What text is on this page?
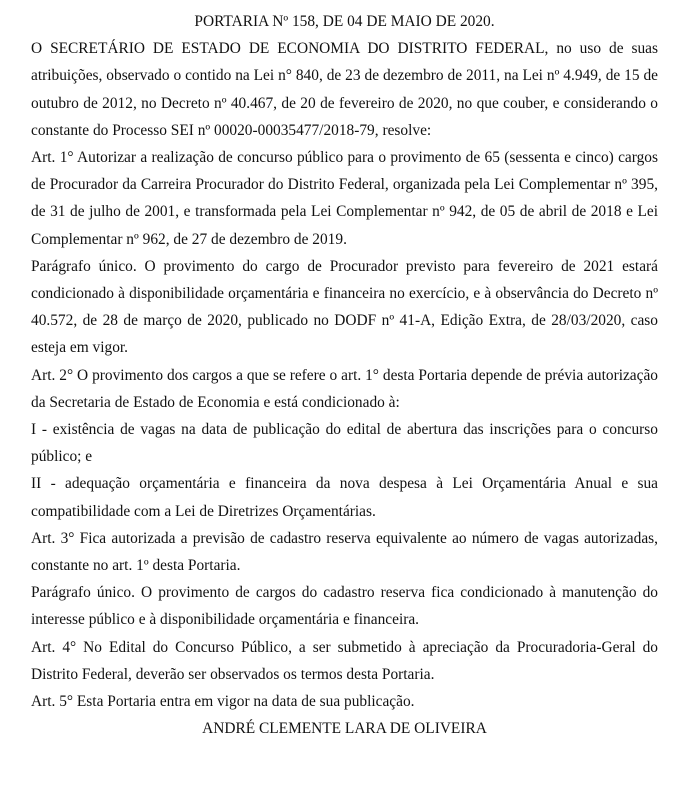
PORTARIA Nº 158, DE 04 DE MAIO DE 2020.

O SECRETÁRIO DE ESTADO DE ECONOMIA DO DISTRITO FEDERAL, no uso de suas atribuições, observado o contido na Lei n° 840, de 23 de dezembro de 2011, na Lei nº 4.949, de 15 de outubro de 2012, no Decreto nº 40.467, de 20 de fevereiro de 2020, no que couber, e considerando o constante do Processo SEI nº 00020-00035477/2018-79, resolve:

Art. 1° Autorizar a realização de concurso público para o provimento de 65 (sessenta e cinco) cargos de Procurador da Carreira Procurador do Distrito Federal, organizada pela Lei Complementar nº 395, de 31 de julho de 2001, e transformada pela Lei Complementar nº 942, de 05 de abril de 2018 e Lei Complementar nº 962, de 27 de dezembro de 2019.

Parágrafo único. O provimento do cargo de Procurador previsto para fevereiro de 2021 estará condicionado à disponibilidade orçamentária e financeira no exercício, e à observância do Decreto nº 40.572, de 28 de março de 2020, publicado no DODF nº 41-A, Edição Extra, de 28/03/2020, caso esteja em vigor.

Art. 2° O provimento dos cargos a que se refere o art. 1° desta Portaria depende de prévia autorização da Secretaria de Estado de Economia e está condicionado à:

I - existência de vagas na data de publicação do edital de abertura das inscrições para o concurso público; e

II - adequação orçamentária e financeira da nova despesa à Lei Orçamentária Anual e sua compatibilidade com a Lei de Diretrizes Orçamentárias.

Art. 3° Fica autorizada a previsão de cadastro reserva equivalente ao número de vagas autorizadas, constante no art. 1º desta Portaria.

Parágrafo único. O provimento de cargos do cadastro reserva fica condicionado à manutenção do interesse público e à disponibilidade orçamentária e financeira.

Art. 4° No Edital do Concurso Público, a ser submetido à apreciação da Procuradoria-Geral do Distrito Federal, deverão ser observados os termos desta Portaria.

Art. 5° Esta Portaria entra em vigor na data de sua publicação.

ANDRÉ CLEMENTE LARA DE OLIVEIRA
